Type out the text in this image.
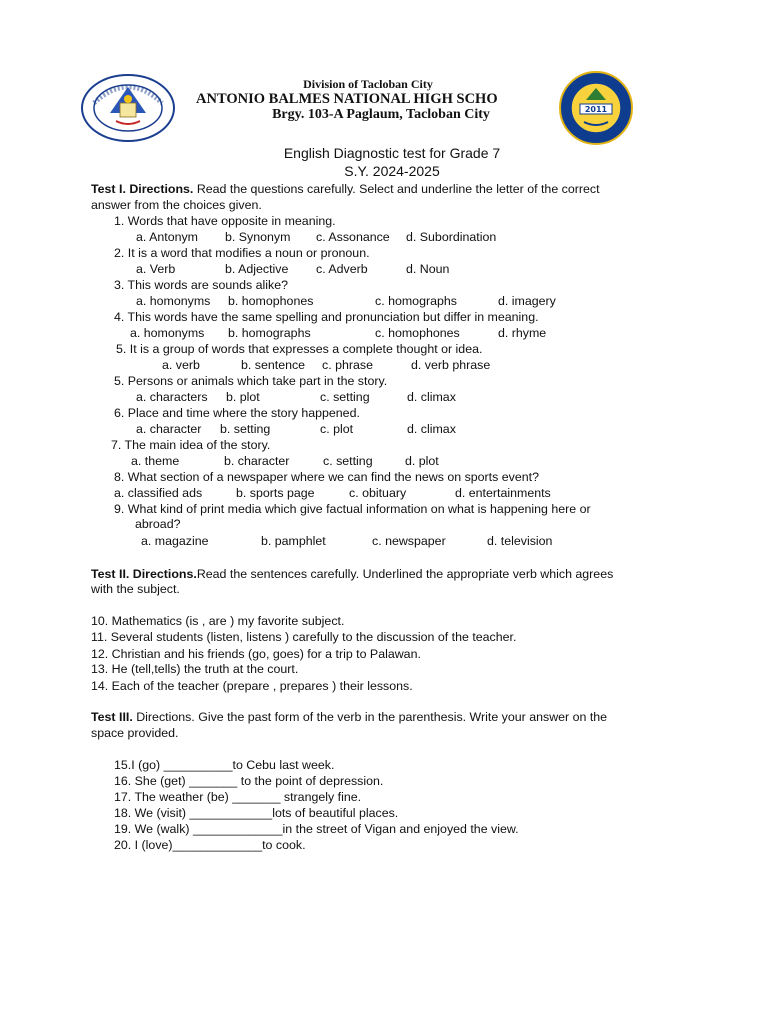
2011
Division of Tacloban City
ANTONIO BALMES NATIONAL HIGH SCHO
Brgy. 103-A Paglaum, Tacloban City
English Diagnostic test for Grade 7
S.Y. 2024-2025
Test I. Directions. Read the questions carefully. Select and underline the letter of the correct
answer from the choices given.
1. Words that have opposite in meaning.
a. Antonym b. Synonym c. Assonance d. Subordination
2. It is a word that modifies a noun or pronoun.
a. Verb	b. Adjective c. Adverb	d. Noun
3. This words are sounds alike?
a. homonyms b. homophones	c. homographs	d. imagery
4. This words have the same spelling and pronunciation but differ in meaning.
a. homonyms b. homographs	c. homophones	d. rhyme
5. It is a group of words that expresses a complete thought or idea.
a. verb	b. sentence c. phrase	d. verb phrase
5. Persons or animals which take part in the story.
a. characters b. plot	c. setting	d. climax
6. Place and time where the story happened.
a. character b. setting	c. plot	d. climax
7. The main idea of the story.
a. theme	b. character	c. setting	d. plot
8. What section of a newspaper where we can find the news on sports event?
a. classified ads	b. sports page	c. obituary	d. entertainments
9. What kind of print media which give factual information on what is happening here or
abroad?
a. magazine	b. pamphlet	c. newspaper	d. television
Test II. Directions.Read the sentences carefully. Underlined the appropriate verb which agrees
with the subject.
10. Mathematics (is , are ) my favorite subject.
11. Several students (listen, listens ) carefully to the discussion of the teacher.
12. Christian and his friends (go, goes) for a trip to Palawan.
13. He (tell,tells) the truth at the court.
14. Each of the teacher (prepare , prepares ) their lessons.
Test III. Directions. Give the past form of the verb in the parenthesis. Write your answer on the
space provided.
15.I (go) __________to Cebu last week.
16. She (get) _______ to the point of depression.
17. The weather (be) _______ strangely fine.
18. We (visit) ____________lots of beautiful places.
19. We (walk) _____________in the street of Vigan and enjoyed the view.
20. I (love)_____________to cook.
